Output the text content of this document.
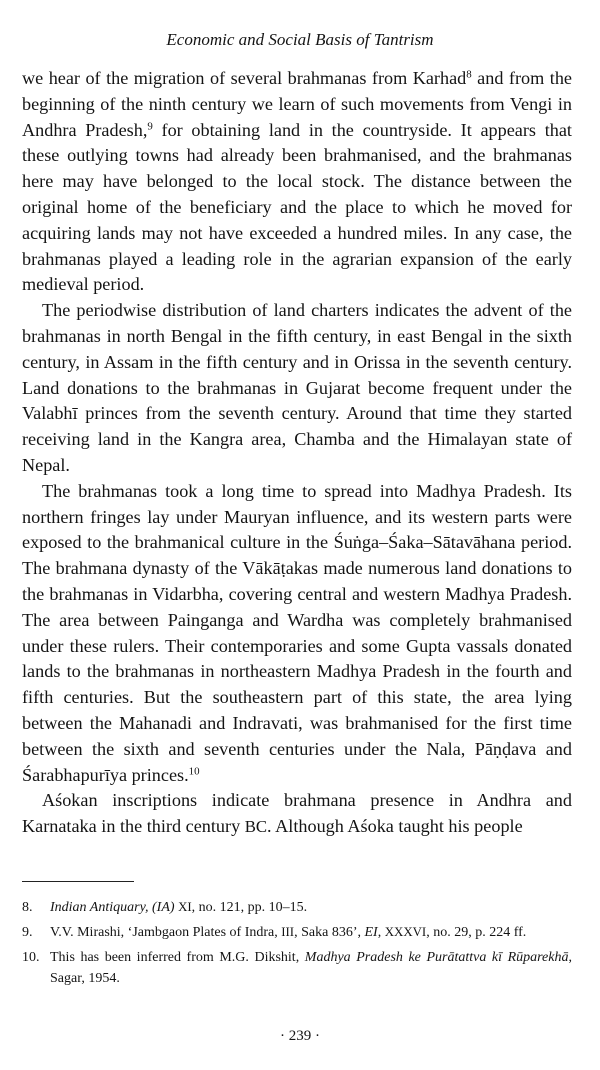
Economic and Social Basis of Tantrism

we hear of the migration of several brahmanas from Karhad$^8$ and from the beginning of the ninth century we learn of such movements from Vengi in Andhra Pradesh,$^9$ for obtaining land in the countryside. It appears that these outlying towns had already been brahmanised, and the brahmanas here may have belonged to the local stock. The distance between the original home of the beneficiary and the place to which he moved for acquiring lands may not have exceeded a hundred miles. In any case, the brahmanas played a leading role in the agrarian expansion of the early medieval period.

The periodwise distribution of land charters indicates the advent of the brahmanas in north Bengal in the fifth century, in east Bengal in the sixth century, in Assam in the fifth century and in Orissa in the seventh century. Land donations to the brahmanas in Gujarat become frequent under the Valabhī princes from the seventh century. Around that time they started receiving land in the Kangra area, Chamba and the Himalayan state of Nepal.

The brahmanas took a long time to spread into Madhya Pradesh. Its northern fringes lay under Mauryan influence, and its western parts were exposed to the brahmanical culture in the Śuṅga–Śaka–Sātavāhana period. The brahmana dynasty of the Vākāṭakas made numerous land donations to the brahmanas in Vidarbha, covering central and western Madhya Pradesh. The area between Painganga and Wardha was completely brahmanised under these rulers. Their contemporaries and some Gupta vassals donated lands to the brahmanas in northeastern Madhya Pradesh in the fourth and fifth centuries. But the southeastern part of this state, the area lying between the Mahanadi and Indravati, was brahmanised for the first time between the sixth and seventh centuries under the Nala, Pāṇḍava and Śarabhapurīya princes.$^{10}$

Aśokan inscriptions indicate brahmana presence in Andhra and Karnataka in the third century BC. Although Aśoka taught his people

8.	Indian Antiquary, (IA) XI, no. 121, pp. 10–15.
9.	V.V. Mirashi, ‘Jambgaon Plates of Indra, III, Saka 836’, EI, XXXVI, no. 29, p. 224 ff.
10. This has been inferred from M.G. Dikshit, Madhya Pradesh ke Purātattva kī Rūparekhā, Sagar, 1954.
· 239 ·
